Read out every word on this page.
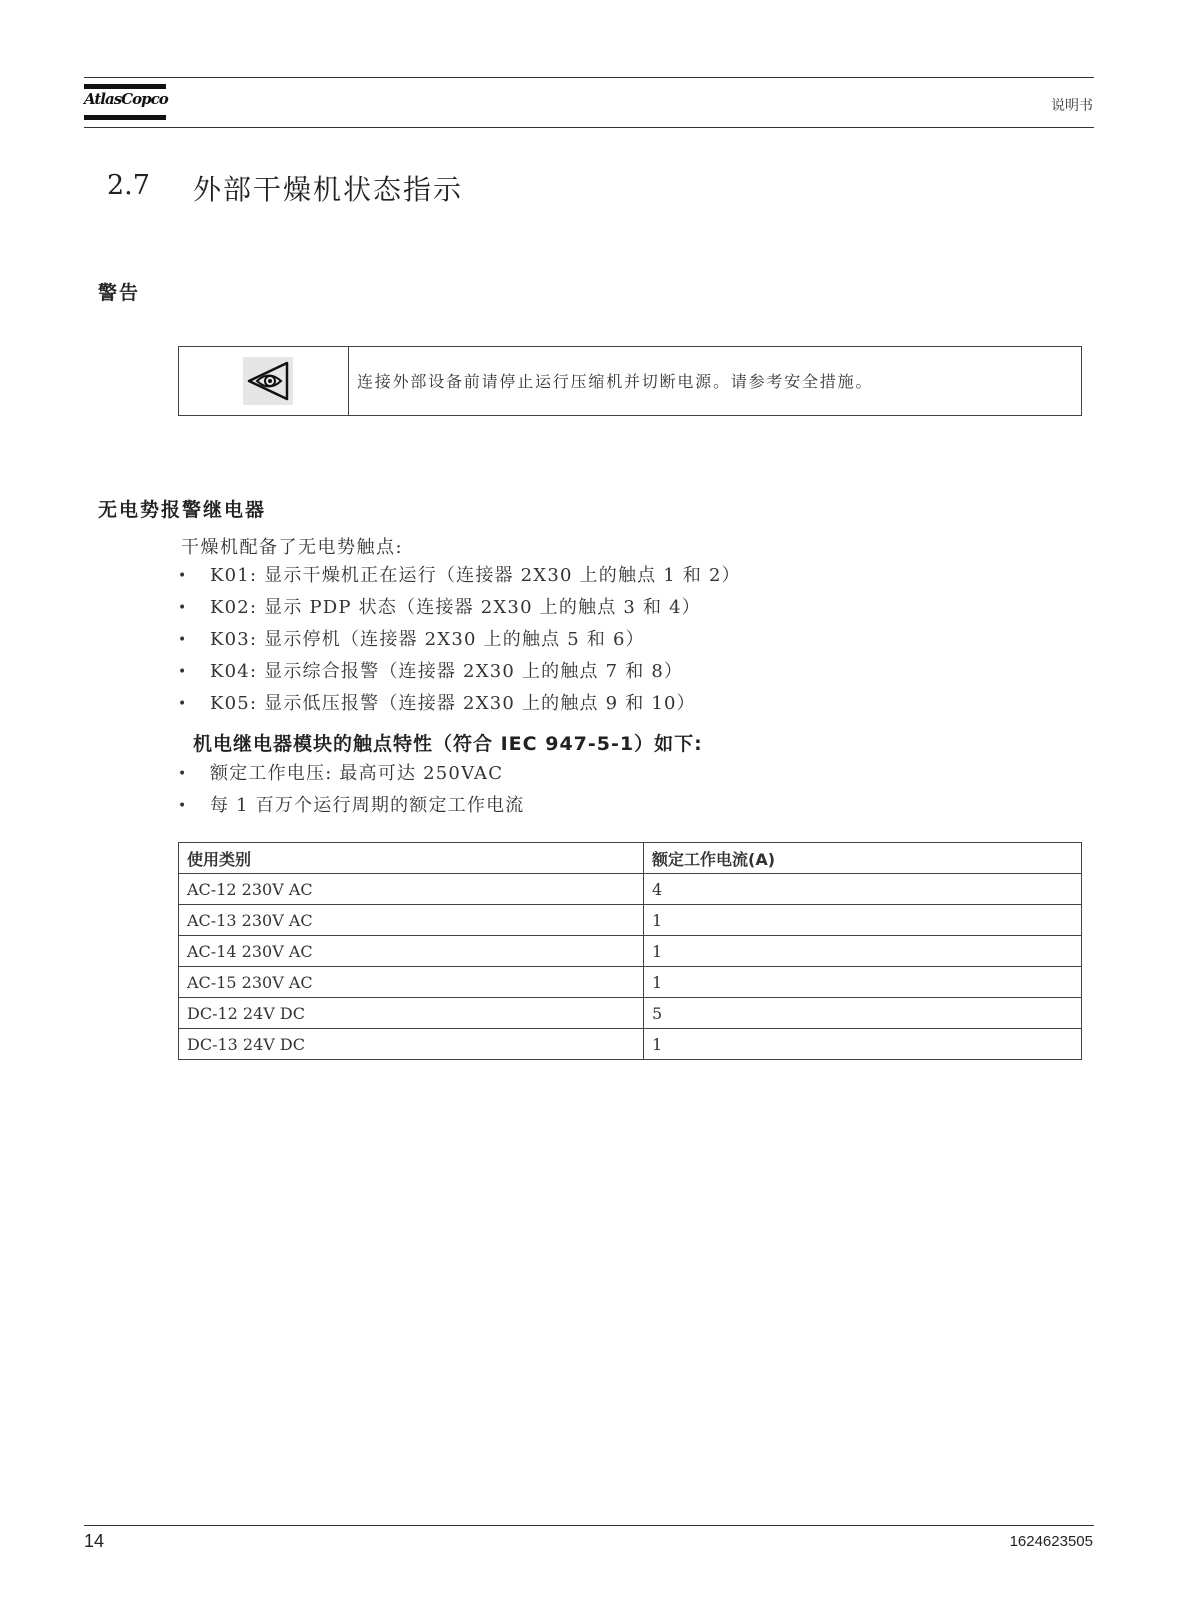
AtlasCopco	说明书
2.7 外部干燥机状态指示
警告
连接外部设备前请停止运行压缩机并切断电源。请参考安全措施。
无电势报警继电器
干燥机配备了无电势触点:
• K01: 显示干燥机正在运行（连接器 2X30 上的触点 1 和 2）
• K02: 显示 PDP 状态（连接器 2X30 上的触点 3 和 4）
• K03: 显示停机（连接器 2X30 上的触点 5 和 6）
• K04: 显示综合报警（连接器 2X30 上的触点 7 和 8）
• K05: 显示低压报警（连接器 2X30 上的触点 9 和 10）
机电继电器模块的触点特性（符合 IEC 947-5-1）如下:
• 额定工作电压: 最高可达 250VAC
• 每 1 百万个运行周期的额定工作电流
使用类别	额定工作电流(A)
AC-12 230V AC	4
AC-13 230V AC	1
AC-14 230V AC	1
AC-15 230V AC	1
DC-12 24V DC	5
DC-13 24V DC	1
14	1624623505
